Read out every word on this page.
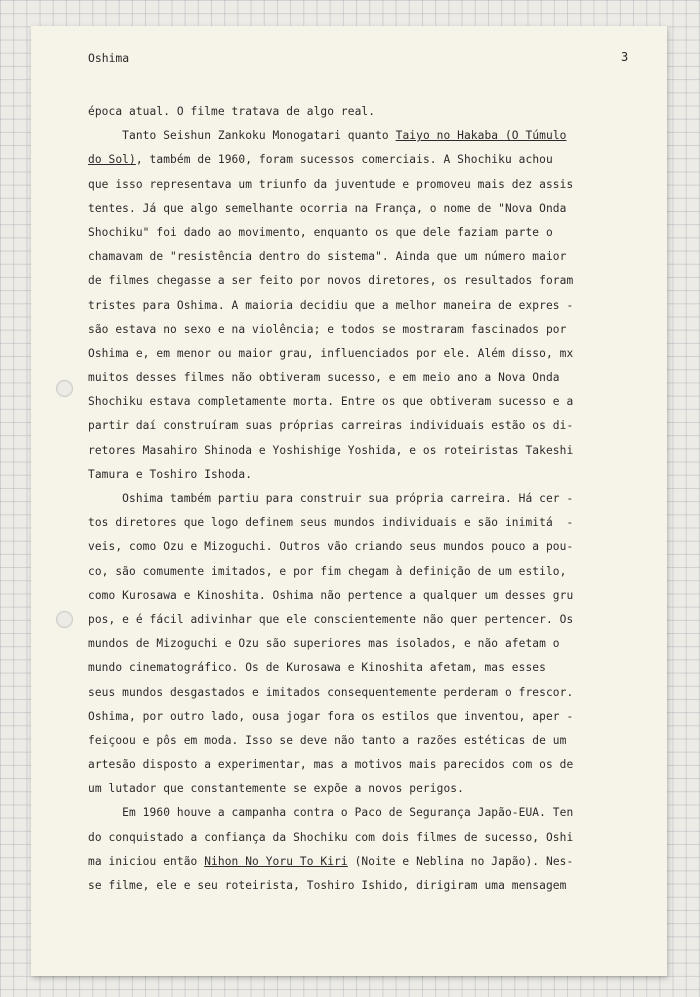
Oshima	3
época atual. O filme tratava de algo real.
Tanto Seishun Zankoku Monogatari quanto Taiyo no Hakaba (O Túmulo
do Sol), também de 1960, foram sucessos comerciais. A Shochiku achou
que isso representava um triunfo da juventude e promoveu mais dez assis
tentes. Já que algo semelhante ocorria na França, o nome de "Nova Onda
Shochiku" foi dado ao movimento, enquanto os que dele faziam parte o
chamavam de "resistência dentro do sistema". Ainda que um número maior
de filmes chegasse a ser feito por novos diretores, os resultados foram
tristes para Oshima. A maioria decidiu que a melhor maneira de expres -
são estava no sexo e na violência; e todos se mostraram fascinados por
Oshima e, em menor ou maior grau, influenciados por ele. Além disso, mx
muitos desses filmes não obtiveram sucesso, e em meio ano a Nova Onda
Shochiku estava completamente morta. Entre os que obtiveram sucesso e a
partir daí construíram suas próprias carreiras individuais estão os di-
retores Masahiro Shinoda e Yoshishige Yoshida, e os roteiristas Takeshi
Tamura e Toshiro Ishoda.
Oshima também partiu para construir sua própria carreira. Há cer -
tos diretores que logo definem seus mundos individuais e são inimitá  -
veis, como Ozu e Mizoguchi. Outros vão criando seus mundos pouco a pou-
co, são comumente imitados, e por fim chegam à definição de um estilo,
como Kurosawa e Kinoshita. Oshima não pertence a qualquer um desses gru
pos, e é fácil adivinhar que ele conscientemente não quer pertencer. Os
mundos de Mizoguchi e Ozu são superiores mas isolados, e não afetam o
mundo cinematográfico. Os de Kurosawa e Kinoshita afetam, mas esses
seus mundos desgastados e imitados consequentemente perderam o frescor.
Oshima, por outro lado, ousa jogar fora os estilos que inventou, aper -
feiçoou e pôs em moda. Isso se deve não tanto a razões estéticas de um
artesão disposto a experimentar, mas a motivos mais parecidos com os de
um lutador que constantemente se expõe a novos perigos.
Em 1960 houve a campanha contra o Paco de Segurança Japão-EUA. Ten
do conquistado a confiança da Shochiku com dois filmes de sucesso, Oshi
ma iniciou então Nihon No Yoru To Kiri (Noite e Neblina no Japão). Nes-
se filme, ele e seu roteirista, Toshiro Ishido, dirigiram uma mensagem
